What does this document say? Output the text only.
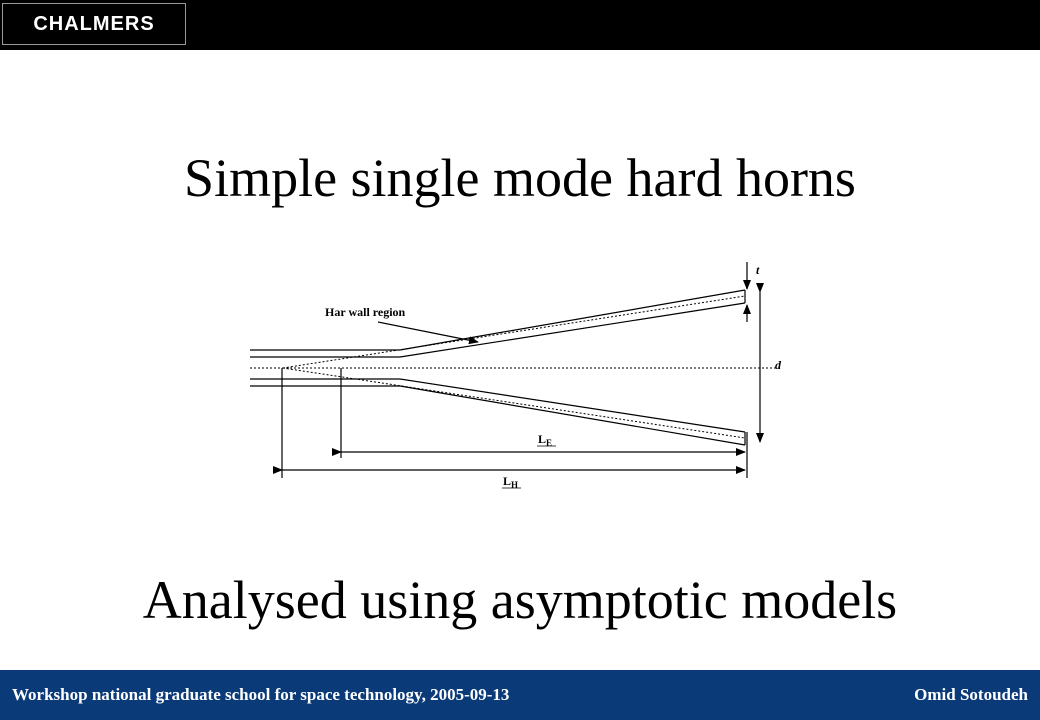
CHALMERS
Simple single mode hard horns
Har wall region
t
d
$L_E$
$L_H$
Analysed using asymptotic models
Workshop national graduate school for space technology, 2005-09-13	Omid Sotoudeh
